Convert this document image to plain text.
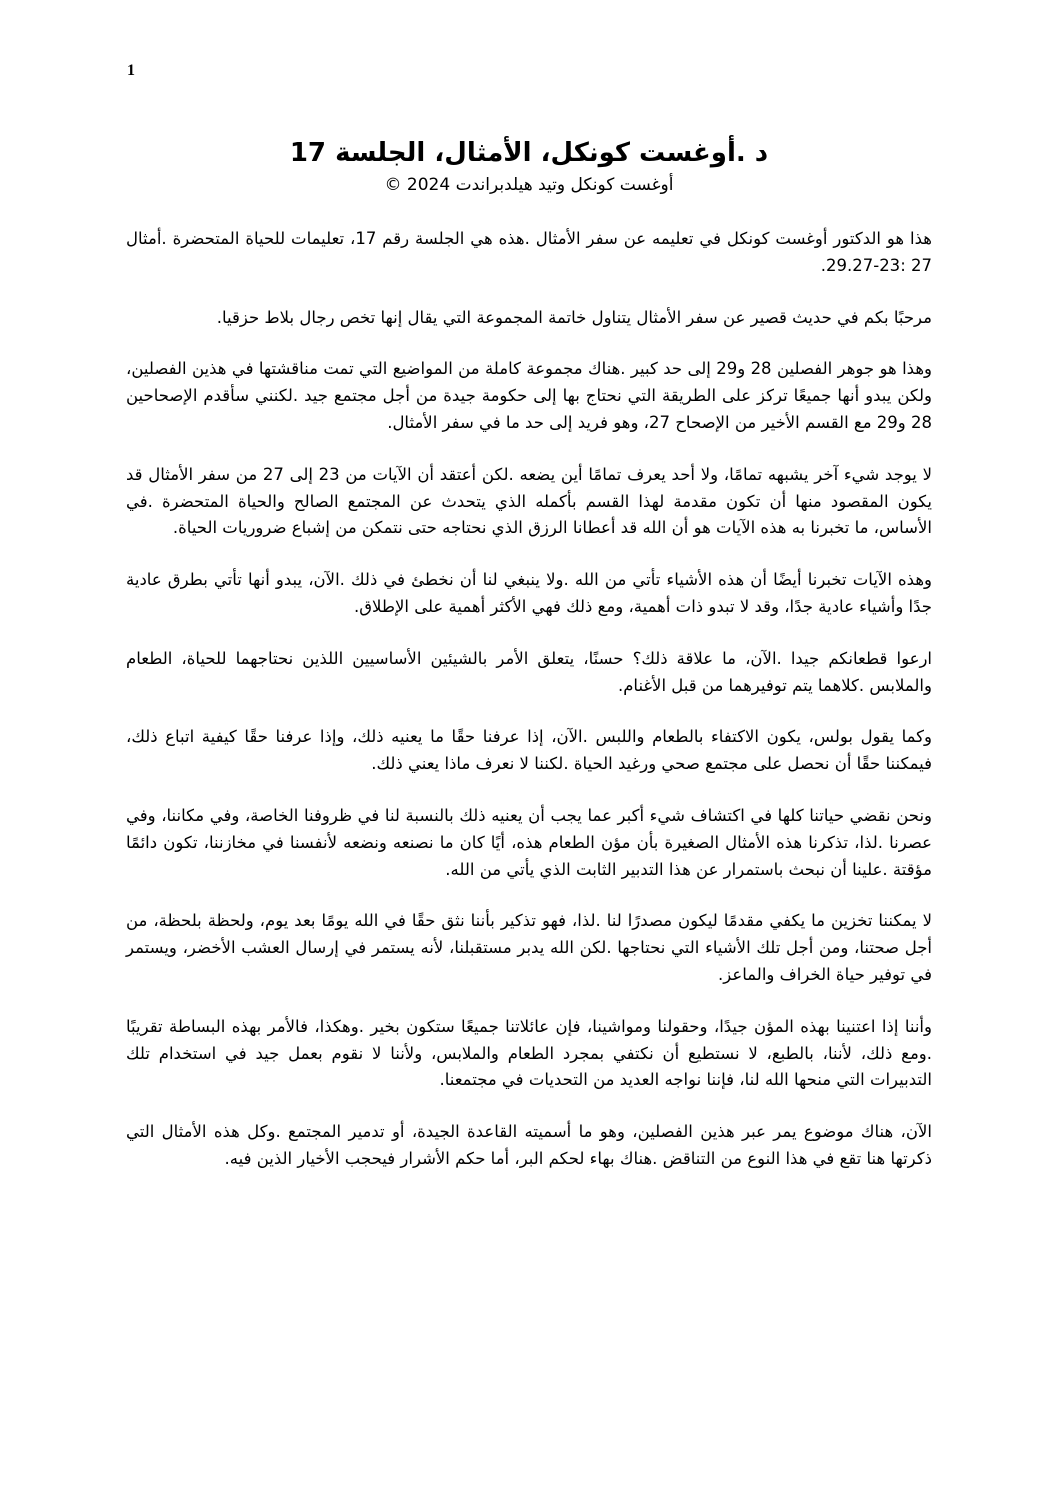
1
د .أوغست كونكل، الأمثال، الجلسة 17
أوغست كونكل وتيد هيلدبراندت 2024 ©

هذا هو الدكتور أوغست كونكل في تعليمه عن سفر الأمثال .هذه هي الجلسة رقم 17، تعليمات للحياة المتحضرة .أمثال 27 :23-29.27.

مرحبًا بكم في حديث قصير عن سفر الأمثال يتناول خاتمة المجموعة التي يقال إنها تخص رجال بلاط حزقيا.

وهذا هو جوهر الفصلين 28 و29 إلى حد كبير .هناك مجموعة كاملة من المواضيع التي تمت مناقشتها في هذين الفصلين، ولكن يبدو أنها جميعًا تركز على الطريقة التي نحتاج بها إلى حكومة جيدة من أجل مجتمع جيد .لكنني سأقدم الإصحاحين 28 و29 مع القسم الأخير من الإصحاح 27، وهو فريد إلى حد ما في سفر الأمثال.

لا يوجد شيء آخر يشبهه تمامًا، ولا أحد يعرف تمامًا أين يضعه .لكن أعتقد أن الآيات من 23 إلى 27 من سفر الأمثال قد يكون المقصود منها أن تكون مقدمة لهذا القسم بأكمله الذي يتحدث عن المجتمع الصالح والحياة المتحضرة .في الأساس، ما تخبرنا به هذه الآيات هو أن الله قد أعطانا الرزق الذي نحتاجه حتى نتمكن من إشباع ضروريات الحياة.

وهذه الآيات تخبرنا أيضًا أن هذه الأشياء تأتي من الله .ولا ينبغي لنا أن نخطئ في ذلك .الآن، يبدو أنها تأتي بطرق عادية جدًا وأشياء عادية جدًا، وقد لا تبدو ذات أهمية، ومع ذلك فهي الأكثر أهمية على الإطلاق.

ارعوا قطعانكم جيدا .الآن، ما علاقة ذلك؟ حسنًا، يتعلق الأمر بالشيئين الأساسيين اللذين نحتاجهما للحياة، الطعام والملابس .كلاهما يتم توفيرهما من قبل الأغنام.

وكما يقول بولس، يكون الاكتفاء بالطعام واللبس .الآن، إذا عرفنا حقًا ما يعنيه ذلك، وإذا عرفنا حقًا كيفية اتباع ذلك، فيمكننا حقًا أن نحصل على مجتمع صحي ورغيد الحياة .لكننا لا نعرف ماذا يعني ذلك.

ونحن نقضي حياتنا كلها في اكتشاف شيء أكبر عما يجب أن يعنيه ذلك بالنسبة لنا في ظروفنا الخاصة، وفي مكاننا، وفي عصرنا .لذا، تذكرنا هذه الأمثال الصغيرة بأن مؤن الطعام هذه، أيًا كان ما نصنعه ونضعه لأنفسنا في مخازننا، تكون دائمًا مؤقتة .علينا أن نبحث باستمرار عن هذا التدبير الثابت الذي يأتي من الله.

لا يمكننا تخزين ما يكفي مقدمًا ليكون مصدرًا لنا .لذا، فهو تذكير بأننا نثق حقًا في الله يومًا بعد يوم، ولحظة بلحظة، من أجل صحتنا، ومن أجل تلك الأشياء التي نحتاجها .لكن الله يدبر مستقبلنا، لأنه يستمر في إرسال العشب الأخضر، ويستمر في توفير حياة الخراف والماعز.

وأننا إذا اعتنينا بهذه المؤن جيدًا، وحقولنا ومواشينا، فإن عائلاتنا جميعًا ستكون بخير .وهكذا، فالأمر بهذه البساطة تقريبًا .ومع ذلك، لأننا، بالطبع، لا نستطيع أن نكتفي بمجرد الطعام والملابس، ولأننا لا نقوم بعمل جيد في استخدام تلك التدبيرات التي منحها الله لنا، فإننا نواجه العديد من التحديات في مجتمعنا.

الآن، هناك موضوع يمر عبر هذين الفصلين، وهو ما أسميته القاعدة الجيدة، أو تدمير المجتمع .وكل هذه الأمثال التي ذكرتها هنا تقع في هذا النوع من التناقض .هناك بهاء لحكم البر، أما حكم الأشرار فيحجب الأخيار الذين فيه.
